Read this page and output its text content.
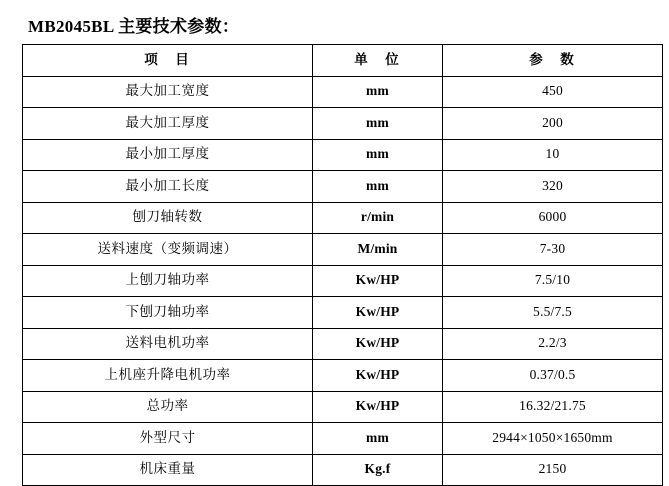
MB2045BL 主要技术参数：
项　目	单　位	参　数
最大加工宽度	mm	450
最大加工厚度	mm	200
最小加工厚度	mm	10
最小加工长度	mm	320
刨刀轴转数	r/min	6000
送料速度（变频调速）	M/min	7-30
上刨刀轴功率	Kw/HP	7.5/10
下刨刀轴功率	Kw/HP	5.5/7.5
送料电机功率	Kw/HP	2.2/3
上机座升降电机功率	Kw/HP	0.37/0.5
总功率	Kw/HP	16.32/21.75
外型尺寸	mm	2944×1050×1650mm
机床重量	Kg.f	2150
